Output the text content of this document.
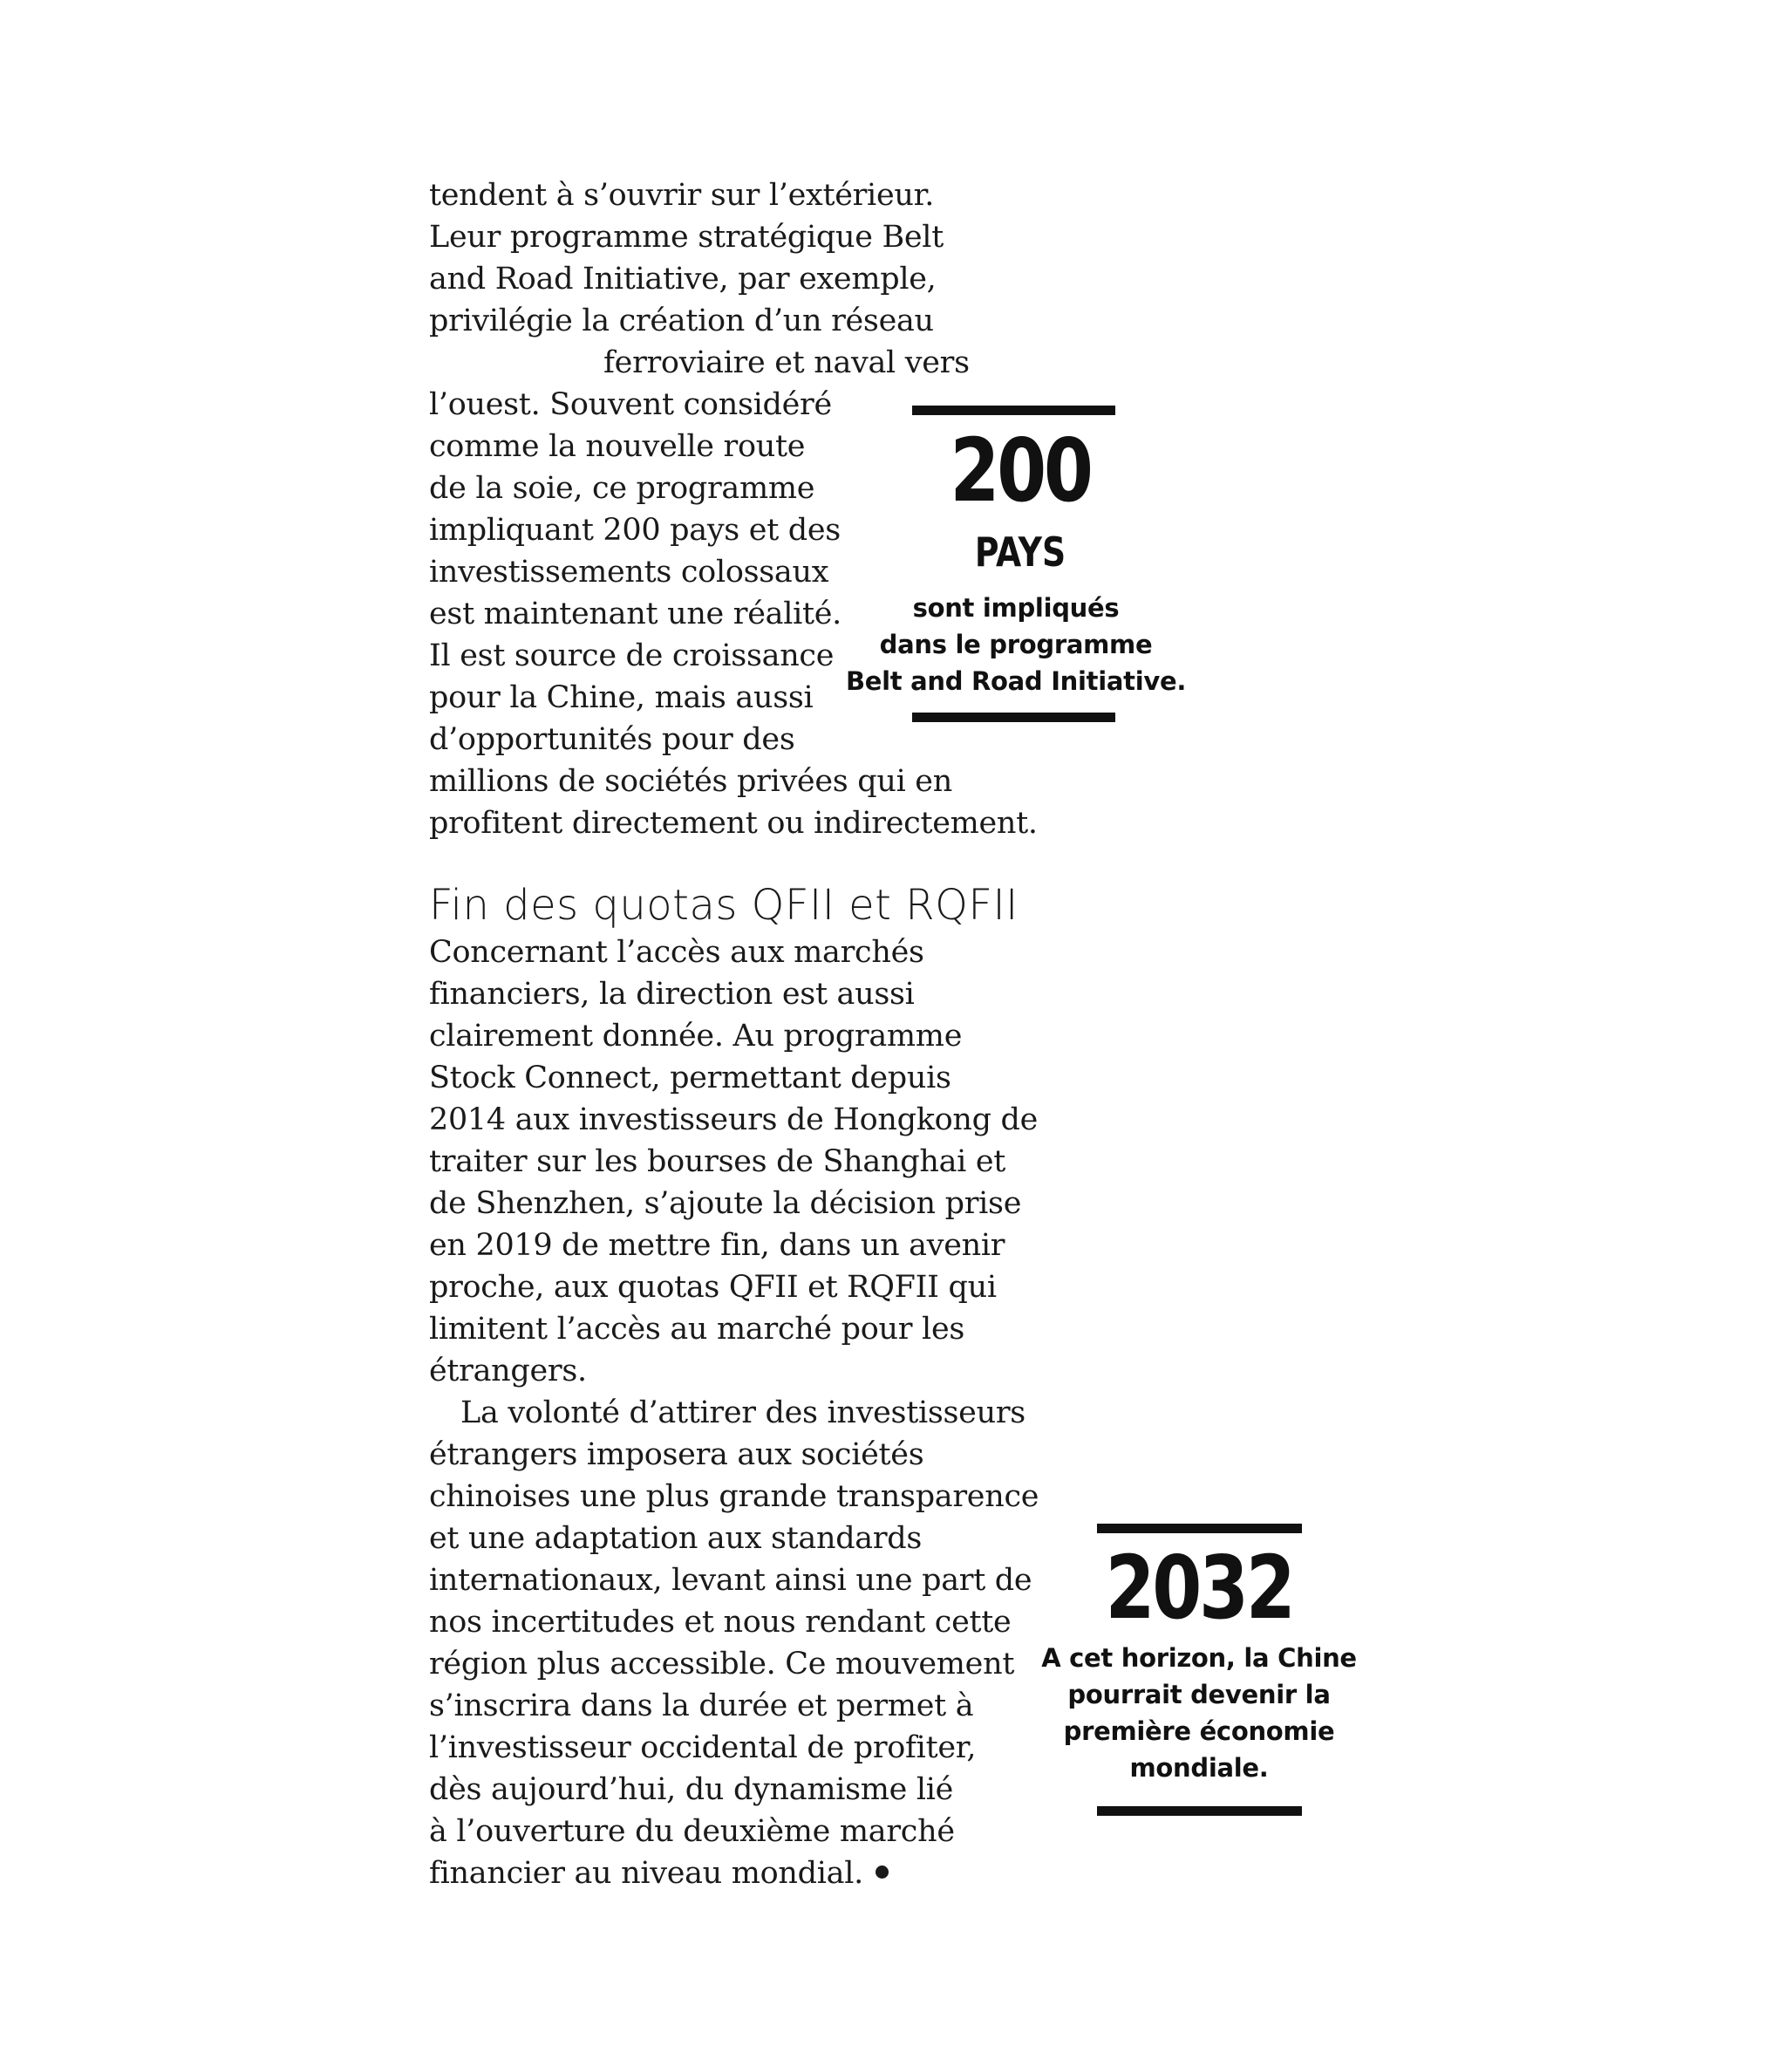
tendent à s’ouvrir sur l’extérieur.
Leur programme stratégique Belt
and Road Initiative, par exemple,
privilégie la création d’un réseau
ferroviaire et naval vers
l’ouest. Souvent considéré
comme la nouvelle route
de la soie, ce programme
impliquant 200 pays et des
investissements colossaux
est maintenant une réalité.
Il est source de croissance
pour la Chine, mais aussi
d’opportunités pour des
millions de sociétés privées qui en
profitent directement ou indirectement.
Fin des quotas QFII et RQFII
Concernant l’accès aux marchés
financiers, la direction est aussi
clairement donnée. Au programme
Stock Connect, permettant depuis
2014 aux investisseurs de Hongkong de
traiter sur les bourses de Shanghai et
de Shenzhen, s’ajoute la décision prise
en 2019 de mettre fin, dans un avenir
proche, aux quotas QFII et RQFII qui
limitent l’accès au marché pour les
étrangers.
La volonté d’attirer des investisseurs
étrangers imposera aux sociétés
chinoises une plus grande transparence
et une adaptation aux standards
internationaux, levant ainsi une part de
nos incertitudes et nous rendant cette
région plus accessible. Ce mouvement
s’inscrira dans la durée et permet à
l’investisseur occidental de profiter,
dès aujourd’hui, du dynamisme lié
à l’ouverture du deuxième marché
financier au niveau mondial.
200
PAYS
sont impliqués
dans le programme
Belt and Road Initiative.
2032
A cet horizon, la Chine
pourrait devenir la
première économie
mondiale.
